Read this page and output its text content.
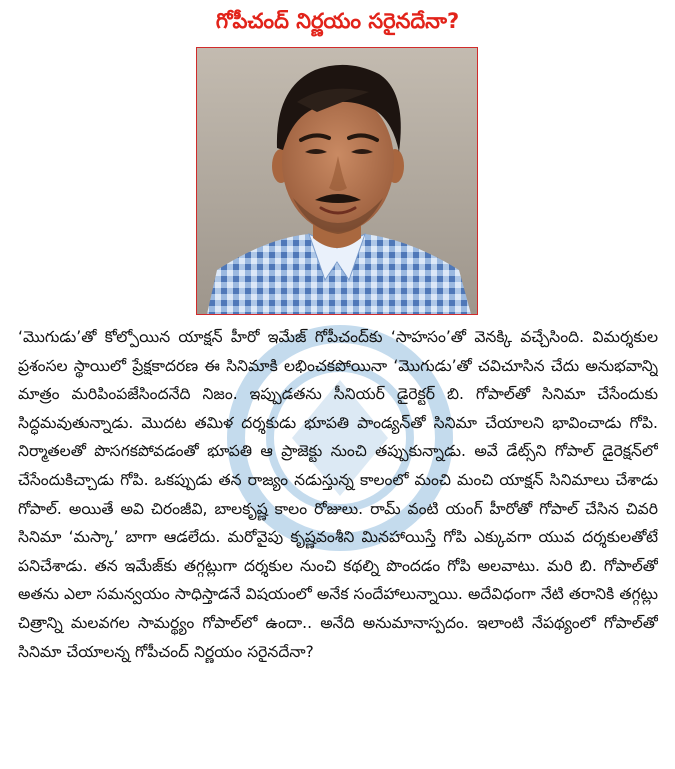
గోపీచంద్ నిర్ణయం సరైనదేనా?

‘మొగుడు’తో కోల్పోయిన యాక్షన్ హీరో ఇమేజ్ గోపీచంద్‌కు ‘సాహసం’తో వెనక్కి వచ్చేసింది. విమర్శకుల ప్రశంసల స్థాయిలో ప్రేక్షకాదరణ ఈ సినిమాకి లభించకపోయినా ‘మొగుడు’తో చవిచూసిన చేదు అనుభవాన్ని మాత్రం మరిపింపజేసిందనేది నిజం. ఇప్పుడతను సీనియర్ డైరెక్టర్ బి. గోపాల్‌తో సినిమా చేసేందుకు సిద్ధమవుతున్నాడు. మొదట తమిళ దర్శకుడు భూపతి పాండ్యన్‌తో సినిమా చేయాలని భావించాడు గోపి. నిర్మాతలతో పొసగకపోవడంతో భూపతి ఆ ప్రాజెక్టు నుంచి తప్పుకున్నాడు. అవే డేట్స్‌ని గోపాల్ డైరెక్షన్‌లో చేసేందుకిచ్చాడు గోపి. ఒకప్పుడు తన రాజ్యం నడుస్తున్న కాలంలో మంచి మంచి యాక్షన్ సినిమాలు చేశాడు గోపాల్. అయితే అవి చిరంజీవి, బాలకృష్ణ కాలం రోజులు. రామ్ వంటి యంగ్ హీరోతో గోపాల్ చేసిన చివరి సినిమా ‘మస్కా’ బాగా ఆడలేదు. మరోవైపు కృష్ణవంశీని మినహాయిస్తే గోపి ఎక్కువగా యువ దర్శకులతోటే పనిచేశాడు. తన ఇమేజ్‌కు తగ్గట్లుగా దర్శకుల నుంచి కథల్ని పొందడం గోపి అలవాటు. మరి బి. గోపాల్‌తో అతను ఎలా సమన్వయం సాధిస్తాడనే విషయంలో అనేక సందేహాలున్నాయి. అదేవిధంగా నేటి తరానికి తగ్గట్లు చిత్రాన్ని మలవగల సామర్థ్యం గోపాల్‌లో ఉందా.. అనేది అనుమానాస్పదం. ఇలాంటి నేపథ్యంలో గోపాల్‌తో సినిమా చేయాలన్న గోపీచంద్ నిర్ణయం సరైనదేనా?
